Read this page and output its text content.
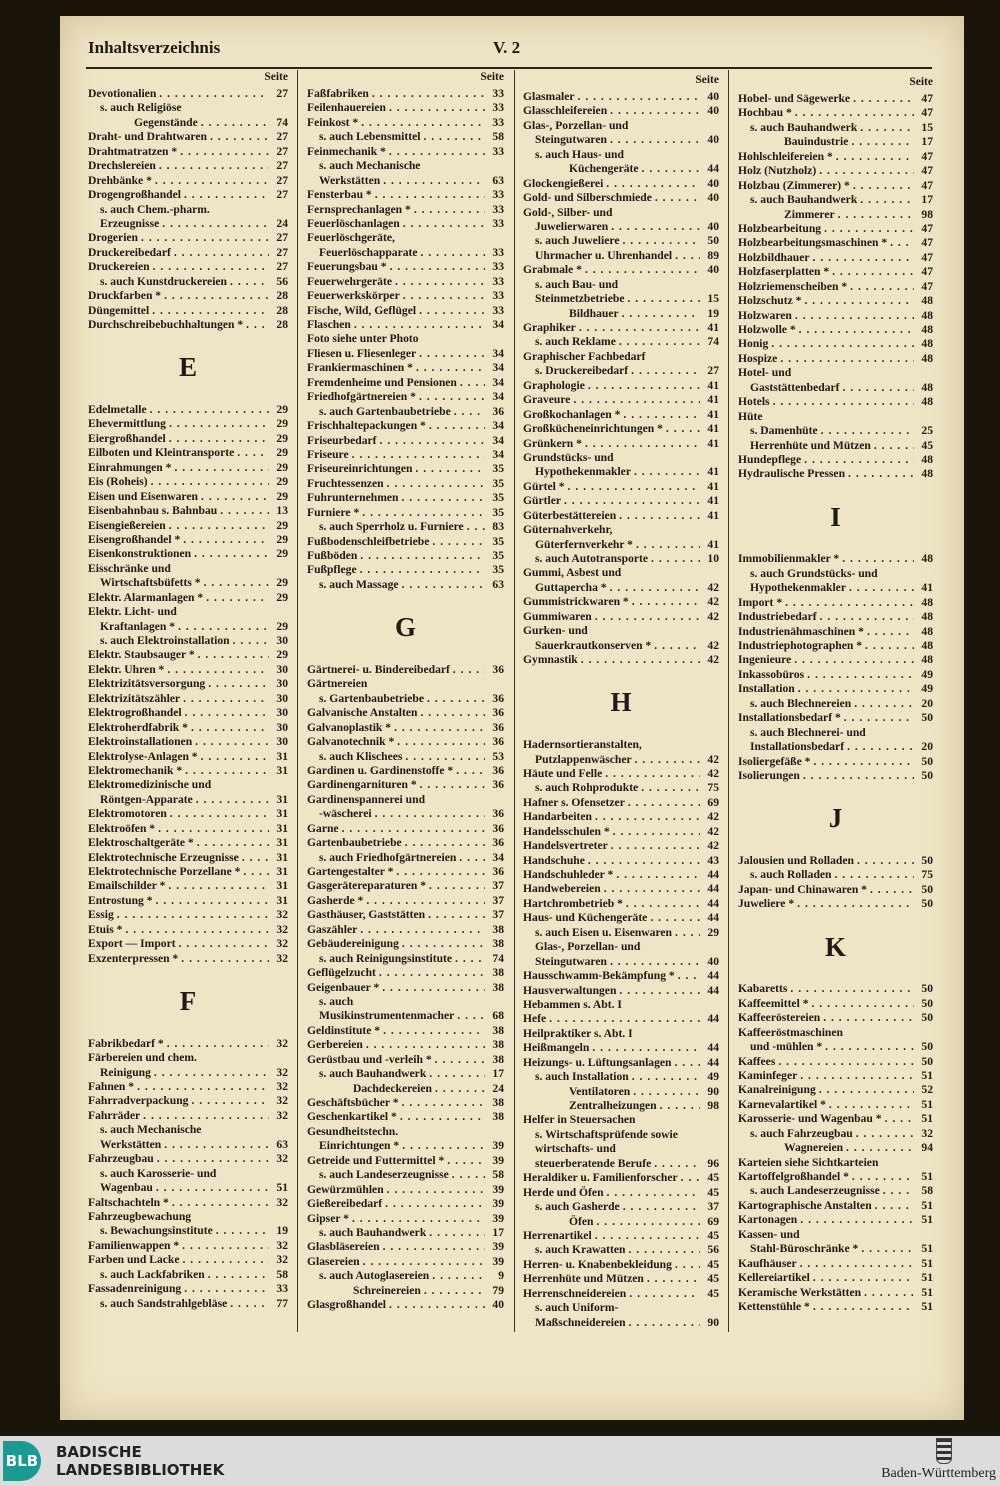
Inhaltsverzeichnis	V. 2
Seite
Devotionalien . . .	27
s. auch Religiöse
Gegenstände . . .	74
Draht- und Drahtwaren . . .	27
Drahtmatratzen * . . .	27
Drechslereien . . .	27
Drehbänke * . . .	27
Drogengroßhandel . . .	27
s. auch Chem.-pharm.
Erzeugnisse . . .	24
Drogerien . . .	27
Druckereibedarf . . .	27
Druckereien . . .	27
s. auch Kunstdruckereien . . .	56
Druckfarben * . . .	28
Düngemittel . . .	28
Durchschreibebuchhaltungen * . . .	28
E
Edelmetalle . . .	29
Ehevermittlung . . .	29
Eiergroßhandel . . .	29
Eilboten und Kleintransporte . . .	29
Einrahmungen * . . .	29
Eis (Roheis) . . .	29
Eisen und Eisenwaren . . .	29
Eisenbahnbau s. Bahnbau . . .	13
Eisengießereien . . .	29
Eisengroßhandel * . . .	29
Eisenkonstruktionen . . .	29
Eisschränke und
Wirtschaftsbüfetts * . . .	29
Elektr. Alarmanlagen * . . .	29
Elektr. Licht- und
Kraftanlagen * . . .	29
s. auch Elektroinstallation . . .	30
Elektr. Staubsauger * . . .	29
Elektr. Uhren * . . .	30
Elektrizitätsversorgung . . .	30
Elektrizitätszähler . . .	30
Elektrogroßhandel . . .	30
Elektroherdfabrik * . . .	30
Elektroinstallationen . . .	30
Elektrolyse-Anlagen * . . .	31
Elektromechanik * . . .	31
Elektromedizinische und
Röntgen-Apparate . . .	31
Elektromotoren . . .	31
Elektroöfen * . . .	31
Elektroschaltgeräte * . . .	31
Elektrotechnische Erzeugnisse . . .	31
Elektrotechnische Porzellane * . . .	31
Emailschilder * . . .	31
Entrostung * . . .	31
Essig . . .	32
Etuis * . . .	32
Export — Import . . .	32
Exzenterpressen * . . .	32
F
Fabrikbedarf * . . .	32
Färbereien und chem.
Reinigung . . .	32
Fahnen * . . .	32
Fahrradverpackung . . .	32
Fahrräder . . .	32
s. auch Mechanische
Werkstätten . . .	63
Fahrzeugbau . . .	32
s. auch Karosserie- und
Wagenbau . . .	51
Faltschachteln * . . .	32
Fahrzeugbewachung
s. Bewachungsinstitute . . .	19
Familienwappen * . . .	32
Farben und Lacke . . .	32
s. auch Lackfabriken . . .	58
Fassadenreinigung . . .	33
s. auch Sandstrahlgebläse . . .	77
Seite
Faßfabriken . . .	33
Feilenhauereien . . .	33
Feinkost * . . .	33
s. auch Lebensmittel . . .	58
Feinmechanik * . . .	33
s. auch Mechanische
Werkstätten . . .	63
Fensterbau * . . .	33
Fernsprechanlagen * . . .	33
Feuerlöschanlagen . . .	33
Feuerlöschgeräte,
Feuerlöschapparate . . .	33
Feuerungsbau * . . .	33
Feuerwehrgeräte . . .	33
Feuerwerkskörper . . .	33
Fische, Wild, Geflügel . . .	33
Flaschen . . .	34
Foto siehe unter Photo
Fliesen u. Fliesenleger . . .	34
Frankiermaschinen * . . .	34
Fremdenheime und Pensionen . . .	34
Friedhofgärtnereien * . . .	34
s. auch Gartenbaubetriebe . . .	36
Frischhaltepackungen * . . .	34
Friseurbedarf . . .	34
Friseure . . .	34
Friseureinrichtungen . . .	35
Fruchtessenzen . . .	35
Fuhrunternehmen . . .	35
Furniere * . . .	35
s. auch Sperrholz u. Furniere . . .	83
Fußbodenschleifbetriebe . . .	35
Fußböden . . .	35
Fußpflege . . .	35
s. auch Massage . . .	63
G
Gärtnerei- u. Bindereibedarf . . .	36
Gärtnereien
s. Gartenbaubetriebe . . .	36
Galvanische Anstalten . . .	36
Galvanoplastik * . . .	36
Galvanotechnik * . . .	36
s. auch Klischees . . .	53
Gardinen u. Gardinenstoffe * . . .	36
Gardinengarnituren * . . .	36
Gardinenspannerei und
-wäscherei . . .	36
Garne . . .	36
Gartenbaubetriebe . . .	36
s. auch Friedhofgärtnereien . . .	34
Gartengestalter * . . .	36
Gasgerätereparaturen * . . .	37
Gasherde * . . .	37
Gasthäuser, Gaststätten . . .	37
Gaszähler . . .	38
Gebäudereinigung . . .	38
s. auch Reinigungsinstitute . . .	74
Geflügelzucht . . .	38
Geigenbauer * . . .	38
s. auch
Musikinstrumentenmacher . . .	68
Geldinstitute * . . .	38
Gerbereien . . .	38
Gerüstbau und -verleih * . . .	38
s. auch Bauhandwerk . . .	17
Dachdeckereien . . .	24
Geschäftsbücher * . . .	38
Geschenkartikel * . . .	38
Gesundheitstechn.
Einrichtungen * . . .	39
Getreide und Futtermittel * . . .	39
s. auch Landeserzeugnisse . . .	58
Gewürzmühlen . . .	39
Gießereibedarf . . .	39
Gipser * . . .	39
s. auch Bauhandwerk . . .	17
Glasbläsereien . . .	39
Glasereien . . .	39
s. auch Autoglasereien . . .	9
Schreinereien . . .	79
Glasgroßhandel . . .	40
Seite
Glasmaler . . .	40
Glasschleifereien . . .	40
Glas-, Porzellan- und
Steingutwaren . . .	40
s. auch Haus- und
Küchengeräte . . .	44
Glockengießerei . . .	40
Gold- und Silberschmiede . . .	40
Gold-, Silber- und
Juwelierwaren . . .	40
s. auch Juweliere . . .	50
Uhrmacher u. Uhrenhandel . . .	89
Grabmale * . . .	40
s. auch Bau- und
Steinmetzbetriebe . . .	15
Bildhauer . . .	19
Graphiker . . .	41
s. auch Reklame . . .	74
Graphischer Fachbedarf
s. Druckereibedarf . . .	27
Graphologie . . .	41
Graveure . . .	41
Großkochanlagen * . . .	41
Großkücheneinrichtungen * . . .	41
Grünkern * . . .	41
Grundstücks- und
Hypothekenmakler . . .	41
Gürtel * . . .	41
Gürtler . . .	41
Güterbestättereien . . .	41
Güternahverkehr,
Güterfernverkehr * . . .	41
s. auch Autotransporte . . .	10
Gummi, Asbest und
Guttapercha * . . .	42
Gummistrickwaren * . . .	42
Gummiwaren . . .	42
Gurken- und
Sauerkrautkonserven * . . .	42
Gymnastik . . .	42
H
Hadernsortieranstalten,
Putzlappenwäscher . . .	42
Häute und Felle . . .	42
s. auch Rohprodukte . . .	75
Hafner s. Ofensetzer . . .	69
Handarbeiten . . .	42
Handelsschulen * . . .	42
Handelsvertreter . . .	42
Handschuhe . . .	43
Handschuhleder * . . .	44
Handwebereien . . .	44
Hartchrombetrieb * . . .	44
Haus- und Küchengeräte . . .	44
s. auch Eisen u. Eisenwaren . . .	29
Glas-, Porzellan- und
Steingutwaren . . .	40
Hausschwamm-Bekämpfung * . . .	44
Hausverwaltungen . . .	44
Hebammen s. Abt. I
Hefe . . .	44
Heilpraktiker s. Abt. I
Heißmangeln . . .	44
Heizungs- u. Lüftungsanlagen . . .	44
s. auch Installation . . .	49
Ventilatoren . . .	90
Zentralheizungen . . .	98
Helfer in Steuersachen
s. Wirtschaftsprüfende sowie
wirtschafts- und
steuerberatende Berufe . . .	96
Heraldiker u. Familienforscher . . .	45
Herde und Öfen . . .	45
s. auch Gasherde . . .	37
Öfen . . .	69
Herrenartikel . . .	45
s. auch Krawatten . . .	56
Herren- u. Knabenbekleidung . . .	45
Herrenhüte und Mützen . . .	45
Herrenschneidereien . . .	45
s. auch Uniform-
Maßschneidereien . . .	90
Seite
Hobel- und Sägewerke . . .	47
Hochbau * . . .	47
s. auch Bauhandwerk . . .	15
Bauindustrie . . .	17
Hohlschleifereien * . . .	47
Holz (Nutzholz) . . .	47
Holzbau (Zimmerer) * . . .	47
s. auch Bauhandwerk . . .	17
Zimmerer . . .	98
Holzbearbeitung . . .	47
Holzbearbeitungsmaschinen * . . .	47
Holzbildhauer . . .	47
Holzfaserplatten * . . .	47
Holzriemenscheiben * . . .	47
Holzschutz * . . .	48
Holzwaren . . .	48
Holzwolle * . . .	48
Honig . . .	48
Hospize . . .	48
Hotel- und
Gaststättenbedarf . . .	48
Hotels . . .	48
Hüte
s. Damenhüte . . .	25
Herrenhüte und Mützen . . .	45
Hundepflege . . .	48
Hydraulische Pressen . . .	48
I
Immobilienmakler * . . .	48
s. auch Grundstücks- und
Hypothekenmakler . . .	41
Import * . . .	48
Industriebedarf . . .	48
Industrienähmaschinen * . . .	48
Industriephotographen * . . .	48
Ingenieure . . .	48
Inkassobüros . . .	49
Installation . . .	49
s. auch Blechnereien . . .	20
Installationsbedarf * . . .	50
s. auch Blechnerei- und
Installationsbedarf . . .	20
Isoliergefäße * . . .	50
Isolierungen . . .	50
J
Jalousien und Rolladen . . .	50
s. auch Rolladen . . .	75
Japan- und Chinawaren * . . .	50
Juweliere * . . .	50
K
Kabaretts . . .	50
Kaffeemittel * . . .	50
Kaffeeröstereien . . .	50
Kaffeeröstmaschinen
und -mühlen * . . .	50
Kaffees . . .	50
Kaminfeger . . .	51
Kanalreinigung . . .	52
Karnevalartikel * . . .	51
Karosserie- und Wagenbau * . . .	51
s. auch Fahrzeugbau . . .	32
Wagnereien . . .	94
Karteien siehe Sichtkarteien
Kartoffelgroßhandel * . . .	51
s. auch Landeserzeugnisse . . .	58
Kartographische Anstalten . . .	51
Kartonagen . . .	51
Kassen- und
Stahl-Büroschränke * . . .	51
Kaufhäuser . . .	51
Kellereiartikel . . .	51
Keramische Werkstätten . . .	51
Kettenstühle * . . .	51
BLB BADISCHE
LANDESBIBLIOTHEK	Baden-Württemberg
